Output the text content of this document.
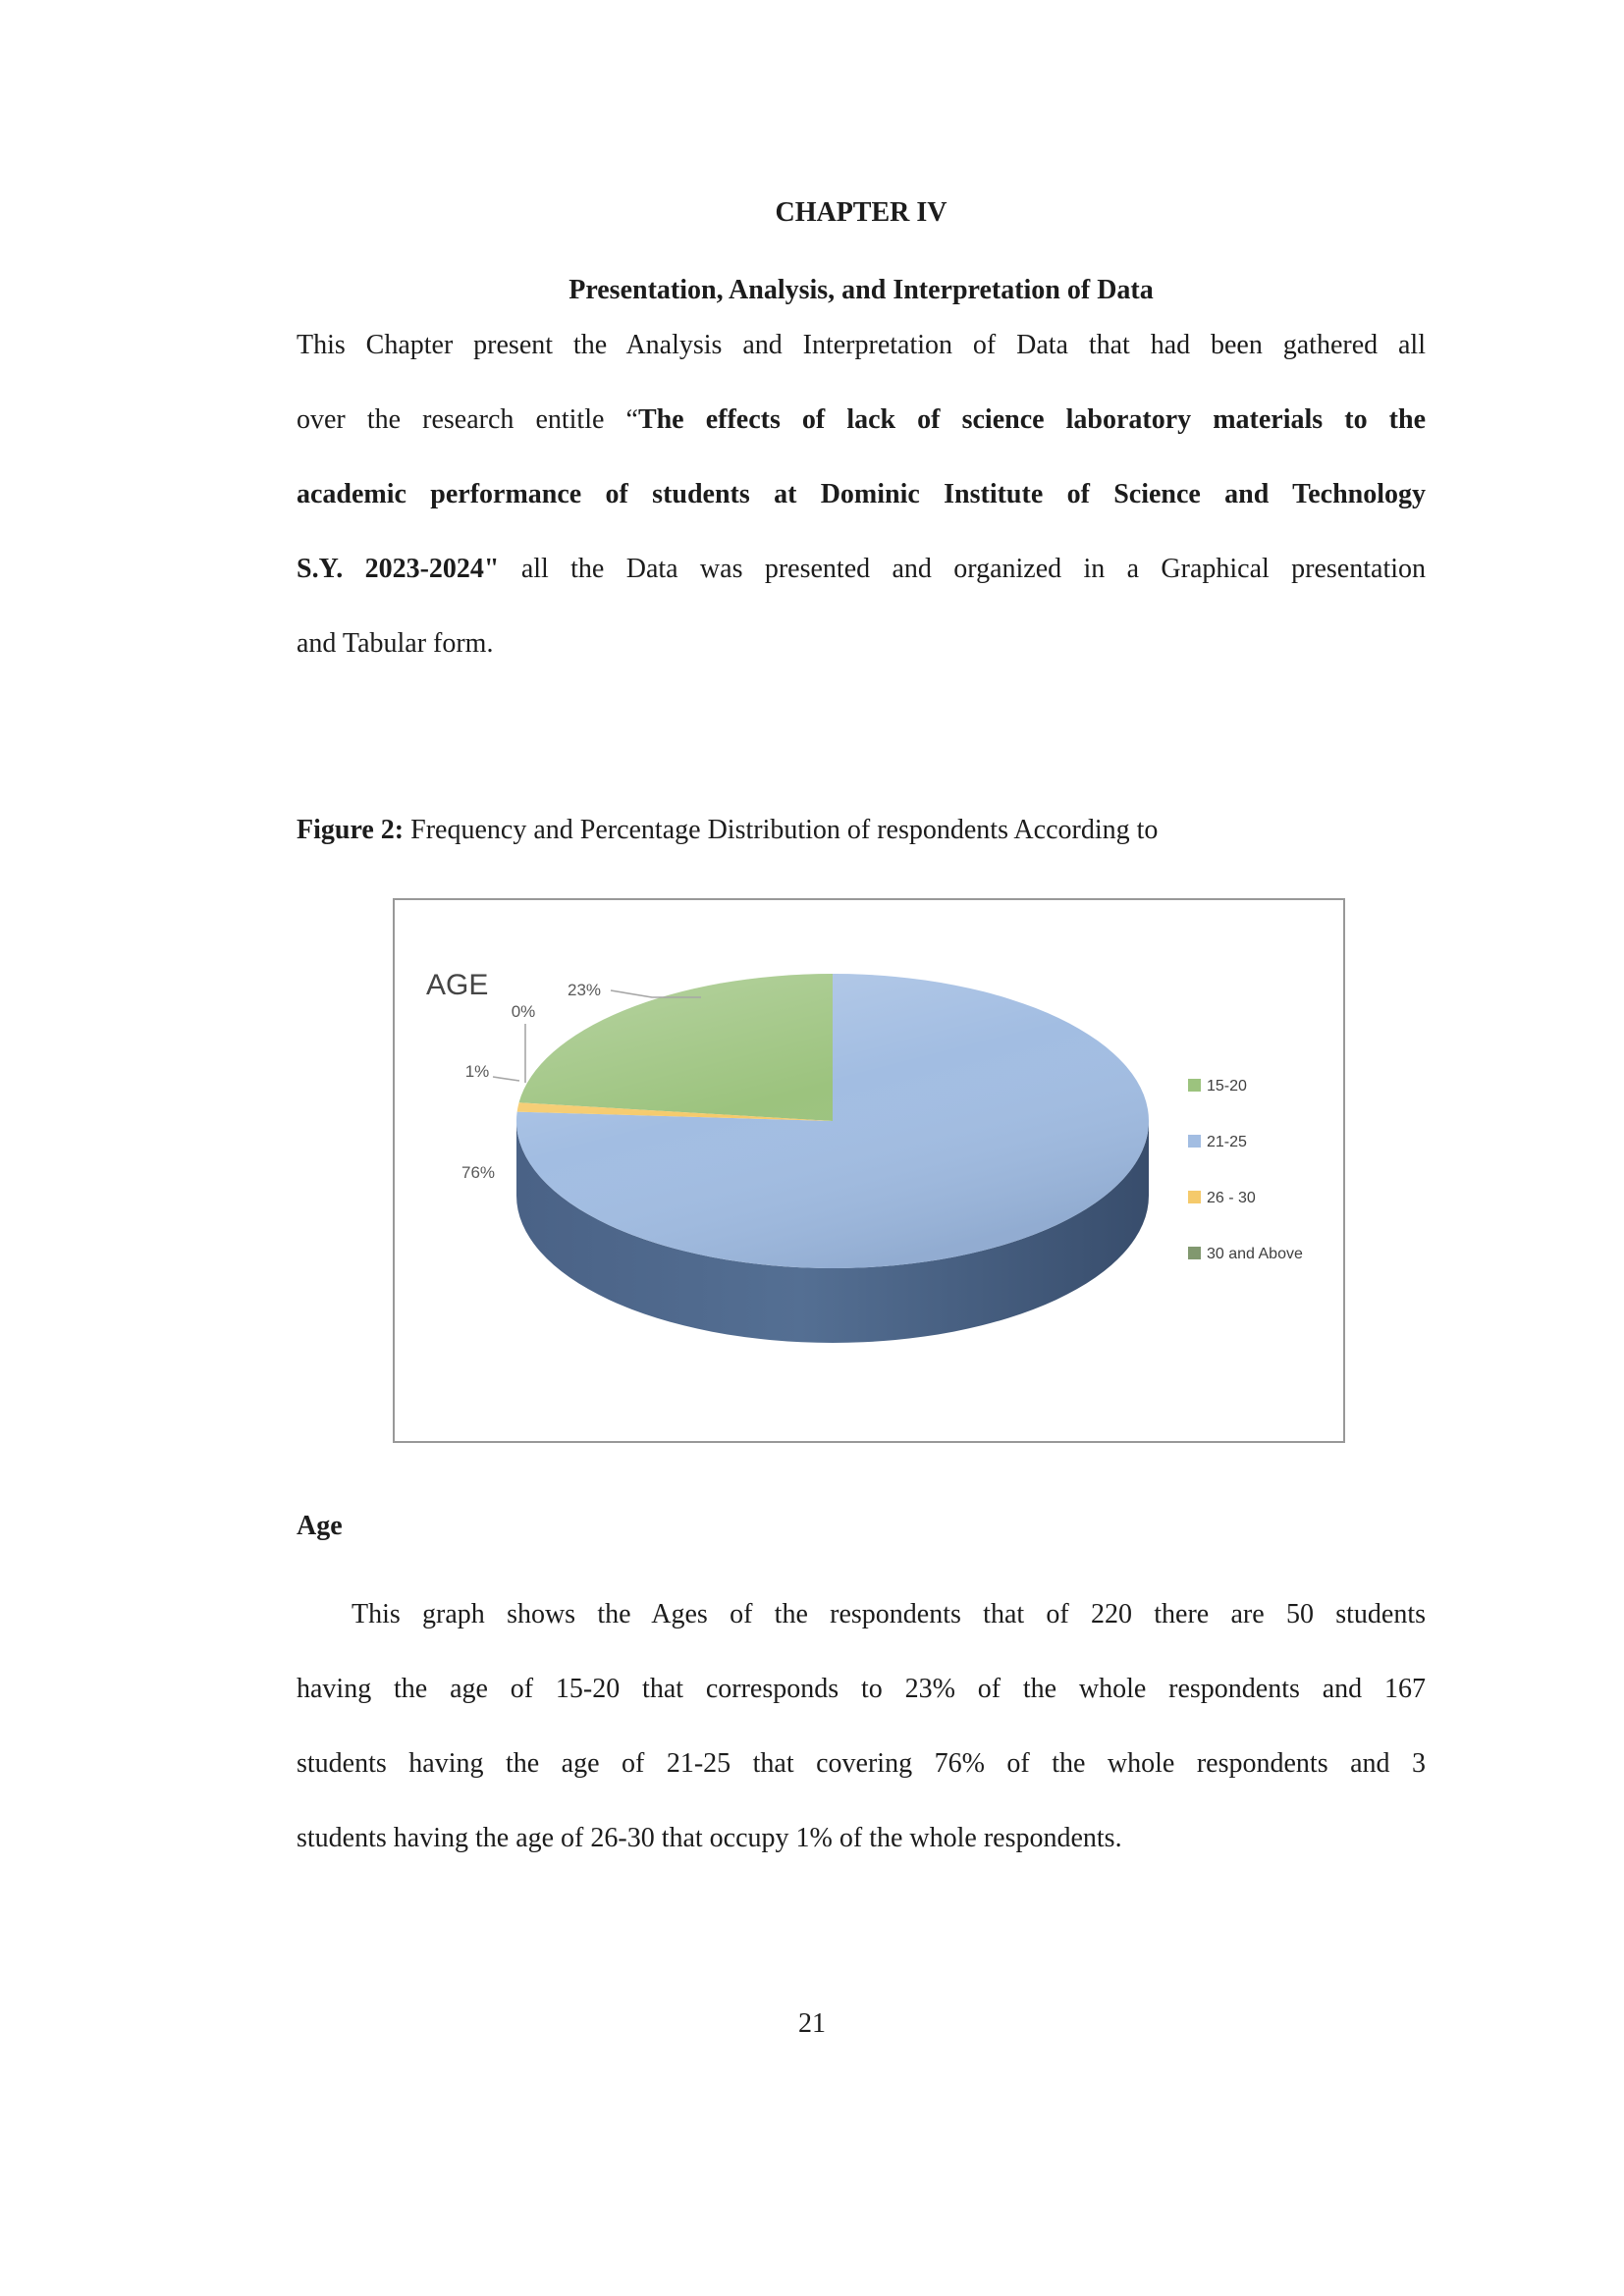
CHAPTER IV
Presentation, Analysis, and Interpretation of Data
This Chapter present the Analysis and Interpretation of Data that had been gathered all
over the research entitle “The effects of lack of science laboratory materials to the
academic performance of students at Dominic Institute of Science and Technology
S.Y. 2023-2024" all the Data was presented and organized in a Graphical presentation
and Tabular form.
Figure 2: Frequency and Percentage Distribution of respondents According to
AGE	23%
0%
1%
76%
15-20
21-25
26 - 30
30 and Above
Age
This graph shows the Ages of the respondents that of 220 there are 50 students
having the age of 15-20 that corresponds to 23% of the whole respondents and 167
students having the age of 21-25 that covering 76% of the whole respondents and 3
students having the age of 26-30 that occupy 1% of the whole respondents.
21
